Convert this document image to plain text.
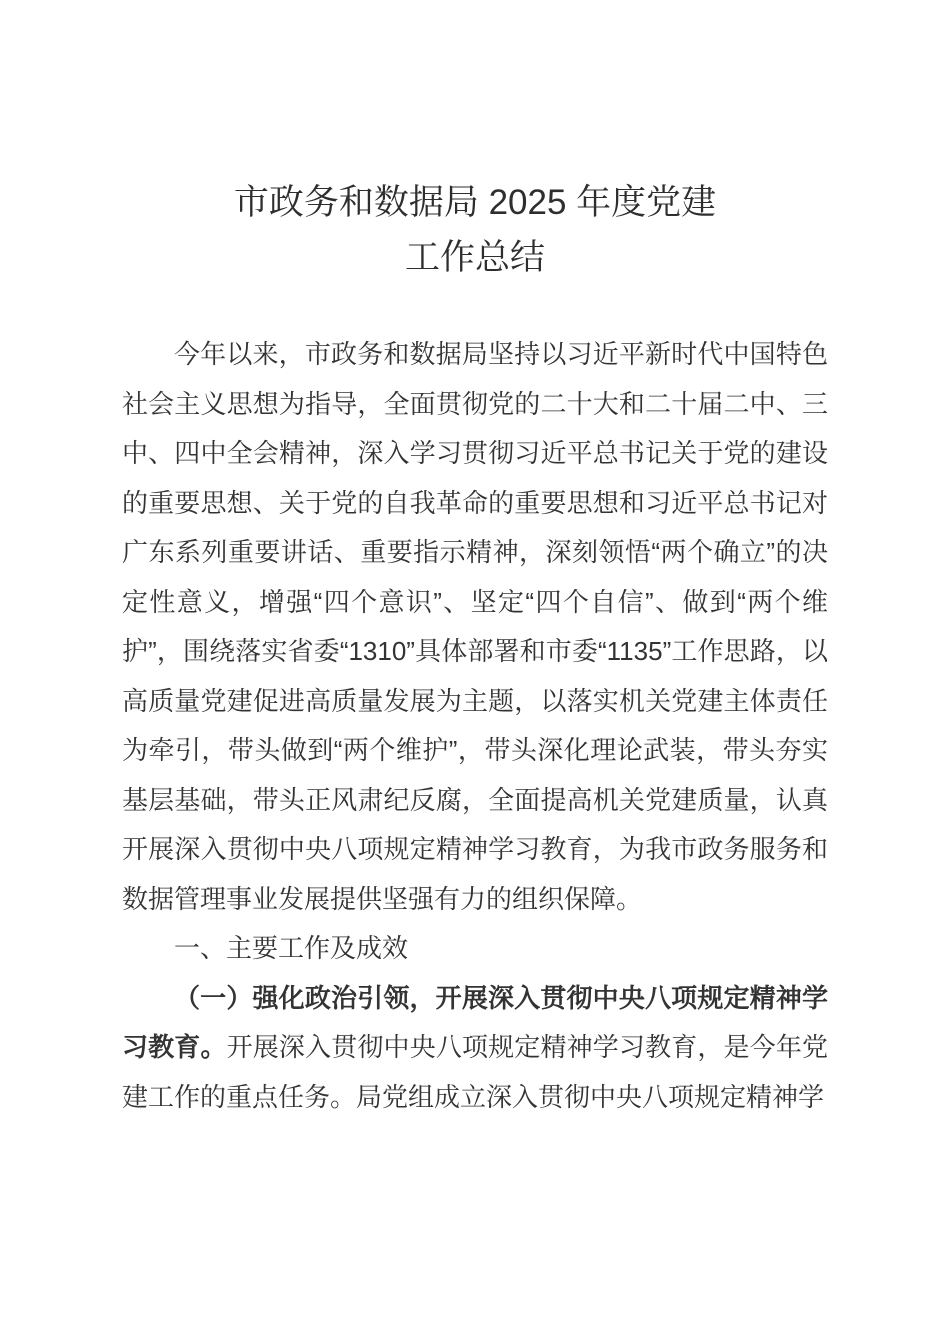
市政务和数据局 2025 年度党建
工作总结

今年以来，市政务和数据局坚持以习近平新时代中国特色社会主义思想为指导，全面贯彻党的二十大和二十届二中、三中、四中全会精神，深入学习贯彻习近平总书记关于党的建设的重要思想、关于党的自我革命的重要思想和习近平总书记对广东系列重要讲话、重要指示精神，深刻领悟“两个确立”的决定性意义，增强“四个意识”、坚定“四个自信”、做到“两个维护”，围绕落实省委“1310”具体部署和市委“1135”工作思路，以高质量党建促进高质量发展为主题，以落实机关党建主体责任为牵引，带头做到“两个维护”，带头深化理论武装，带头夯实基层基础，带头正风肃纪反腐，全面提高机关党建质量，认真开展深入贯彻中央八项规定精神学习教育，为我市政务服务和数据管理事业发展提供坚强有力的组织保障。

一、主要工作及成效

（一）强化政治引领，开展深入贯彻中央八项规定精神学习教育。开展深入贯彻中央八项规定精神学习教育，是今年党建工作的重点任务。局党组成立深入贯彻中央八项规定精神学
